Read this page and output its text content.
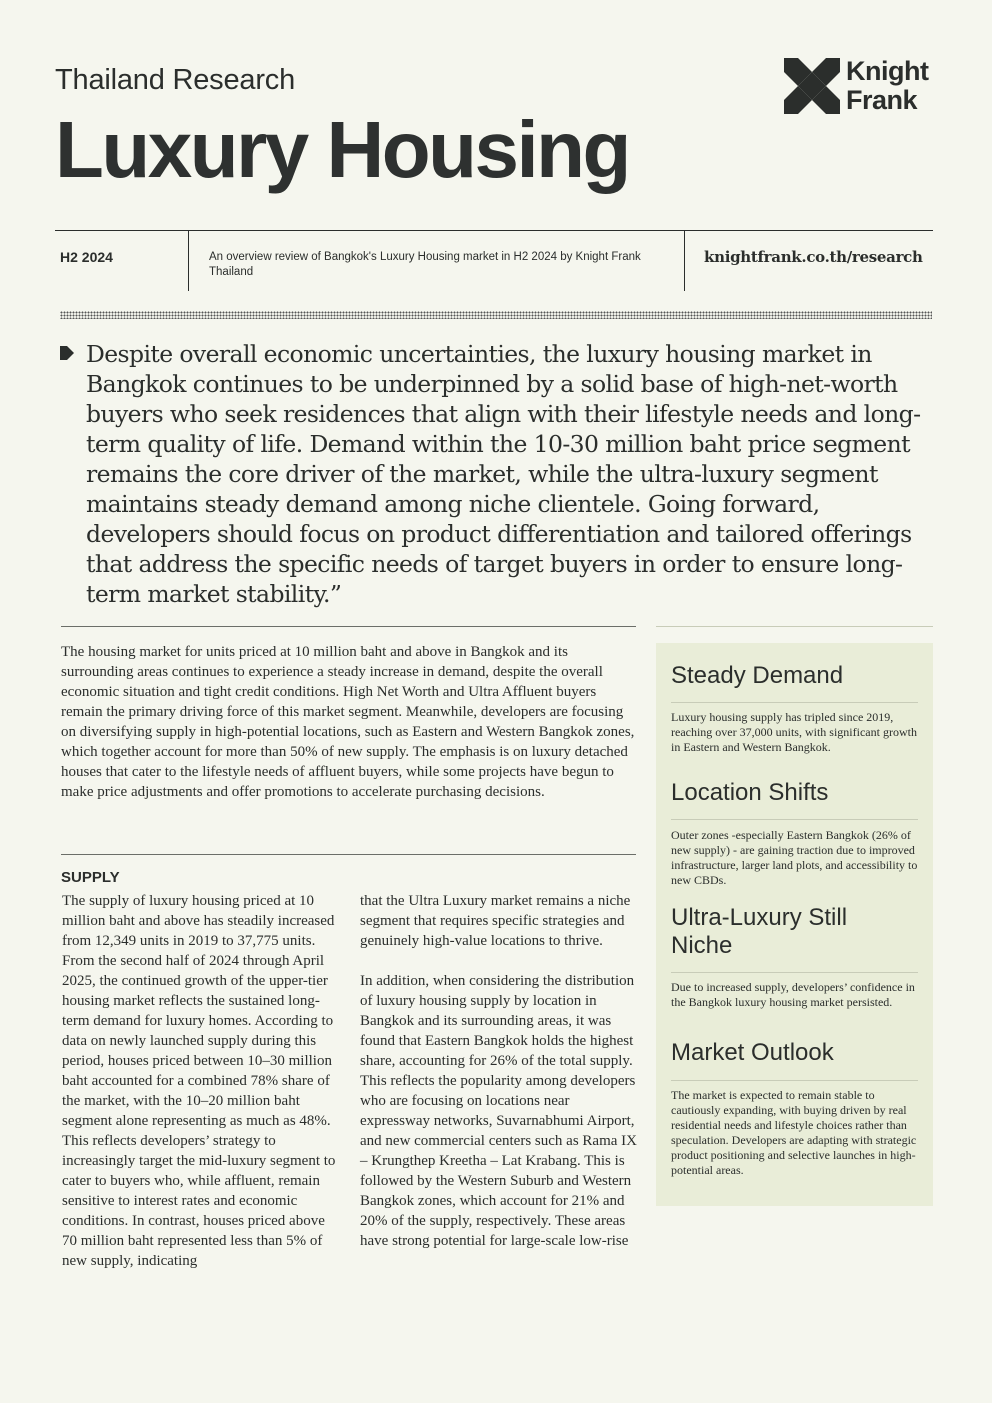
Thailand Research
Luxury Housing
Knight
Frank
H2 2024	An overview review of Bangkok's Luxury Housing market in H2 2024 by Knight Frank Thailand
knightfrank.co.th/research
Despite overall economic uncertainties, the luxury housing market in Bangkok continues to be underpinned by a solid base of high-net-worth buyers who seek residences that align with their lifestyle needs and long-term quality of life. Demand within the 10-30 million baht price segment remains the core driver of the market, while the ultra-luxury segment maintains steady demand among niche clientele. Going forward, developers should focus on product differentiation and tailored offerings that address the specific needs of target buyers in order to ensure long-term market stability.”
The housing market for units priced at 10 million baht and above in Bangkok and its surrounding areas continues to experience a steady increase in demand, despite the overall economic situation and tight credit conditions. High Net Worth and Ultra Affluent buyers remain the primary driving force of this market segment. Meanwhile, developers are focusing on diversifying supply in high-potential locations, such as Eastern and Western Bangkok zones, which together account for more than 50% of new supply. The emphasis is on luxury detached houses that cater to the lifestyle needs of affluent buyers, while some projects have begun to make price adjustments and offer promotions to accelerate purchasing decisions.
SUPPLY
The supply of luxury housing priced at 10 million baht and above has steadily increased from 12,349 units in 2019 to 37,775 units. From the second half of 2024 through April 2025, the continued growth of the upper-tier housing market reflects the sustained long-term demand for luxury homes. According to data on newly launched supply during this period, houses priced between 10–30 million baht accounted for a combined 78% share of the market, with the 10–20 million baht segment alone representing as much as 48%. This reflects developers’ strategy to increasingly target the mid-luxury segment to cater to buyers who, while affluent, remain sensitive to interest rates and economic conditions. In contrast, houses priced above 70 million baht represented less than 5% of new supply, indicating
that the Ultra Luxury market remains a niche segment that requires specific strategies and genuinely high-value locations to thrive.
In addition, when considering the distribution of luxury housing supply by location in Bangkok and its surrounding areas, it was found that Eastern Bangkok holds the highest share, accounting for 26% of the total supply. This reflects the popularity among developers who are focusing on locations near expressway networks, Suvarnabhumi Airport, and new commercial centers such as Rama IX – Krungthep Kreetha – Lat Krabang. This is followed by the Western Suburb and Western Bangkok zones, which account for 21% and 20% of the supply, respectively. These areas have strong potential for large-scale low-rise
Steady Demand
Luxury housing supply has tripled since 2019, reaching over 37,000 units, with significant growth in Eastern and Western Bangkok.
Location Shifts
Outer zones -especially Eastern Bangkok (26% of new supply) - are gaining traction due to improved infrastructure, larger land plots, and accessibility to new CBDs.
Ultra-Luxury Still Niche
Due to increased supply, developers’ confidence in the Bangkok luxury housing market persisted.
Market Outlook
The market is expected to remain stable to cautiously expanding, with buying driven by real residential needs and lifestyle choices rather than speculation. Developers are adapting with strategic product positioning and selective launches in high-potential areas.
